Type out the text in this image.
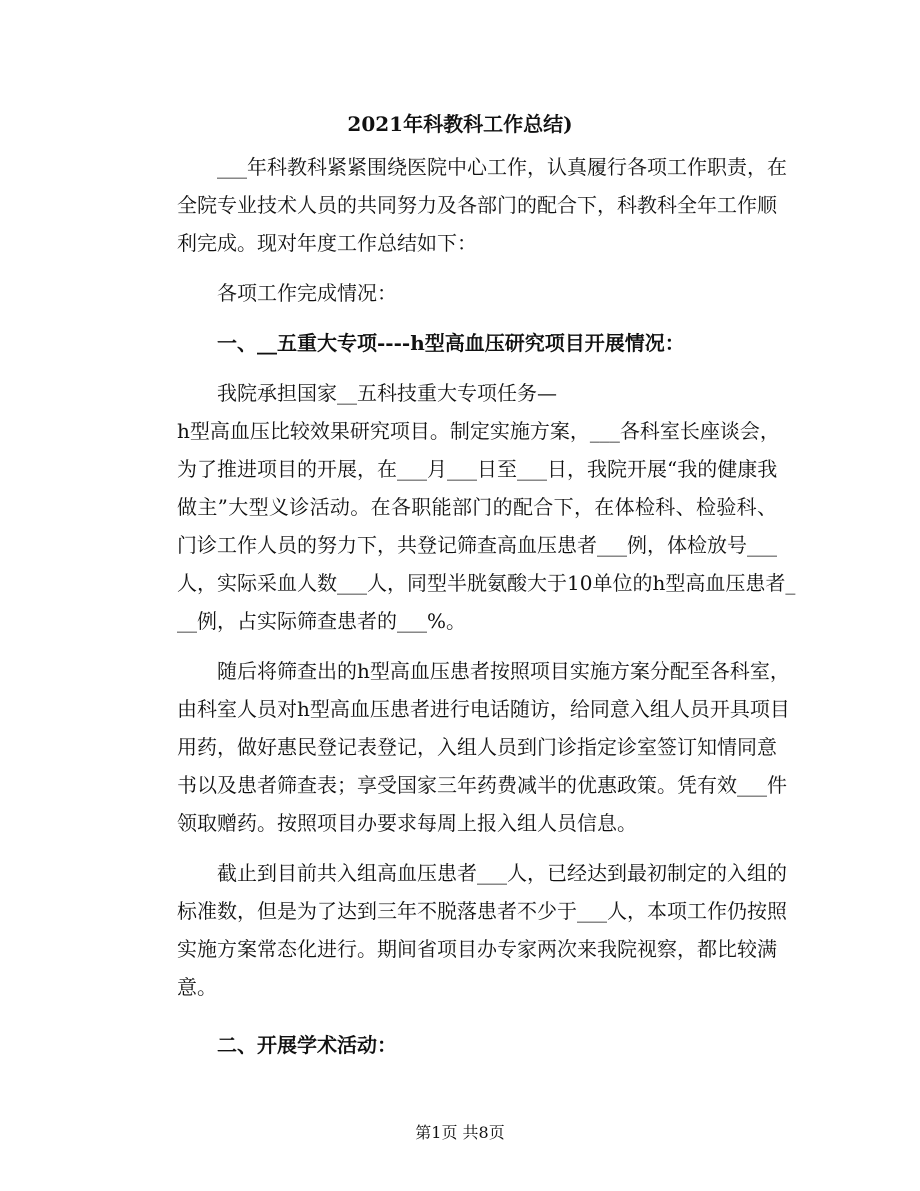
2021年科教科工作总结)
___年科教科紧紧围绕医院中心工作，认真履行各项工作职责，在
全院专业技术人员的共同努力及各部门的配合下，科教科全年工作顺
利完成。现对年度工作总结如下：
各项工作完成情况：
一、__五重大专项----h型高血压研究项目开展情况：
我院承担国家__五科技重大专项任务—
h型高血压比较效果研究项目。制定实施方案，___各科室长座谈会，
为了推进项目的开展，在___月___日至___日，我院开展“我的健康我
做主”大型义诊活动。在各职能部门的配合下，在体检科、检验科、
门诊工作人员的努力下，共登记筛查高血压患者___例，体检放号___
人，实际采血人数___人，同型半胱氨酸大于10单位的h型高血压患者_
__例，占实际筛查患者的___%。
随后将筛查出的h型高血压患者按照项目实施方案分配至各科室，
由科室人员对h型高血压患者进行电话随访，给同意入组人员开具项目
用药，做好惠民登记表登记，入组人员到门诊指定诊室签订知情同意
书以及患者筛查表；享受国家三年药费减半的优惠政策。凭有效___件
领取赠药。按照项目办要求每周上报入组人员信息。
截止到目前共入组高血压患者___人，已经达到最初制定的入组的
标准数，但是为了达到三年不脱落患者不少于___人，本项工作仍按照
实施方案常态化进行。期间省项目办专家两次来我院视察，都比较满
意。
二、开展学术活动：
第1页 共8页
